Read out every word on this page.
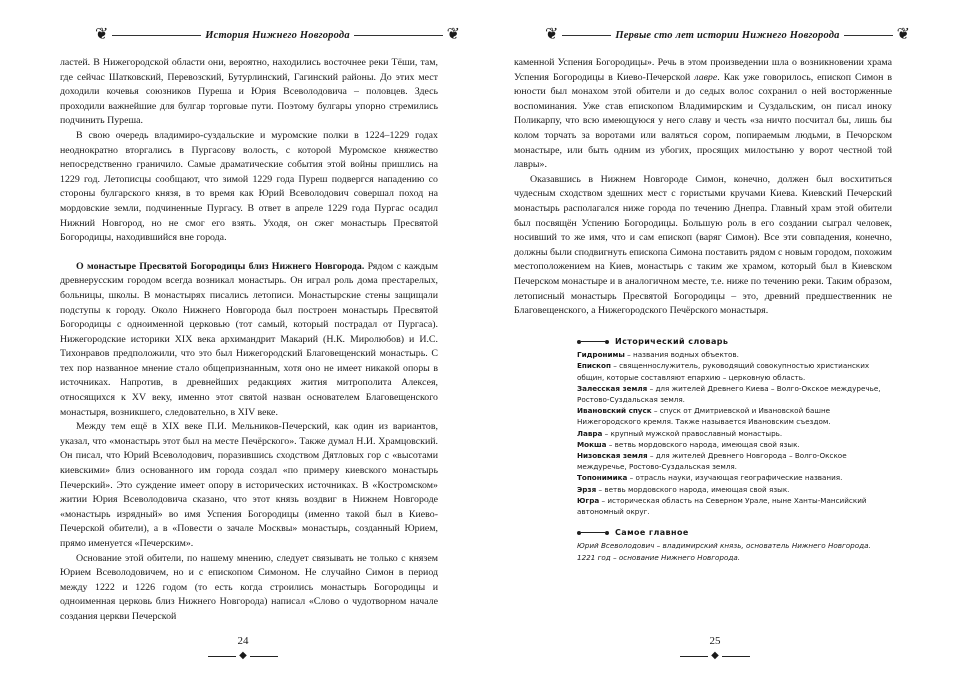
❦	История Нижнего Новгорода	❦

ластей. В Нижегородской области они, вероятно, находились восточнее реки Тёши, там, где сейчас Шатковский, Перевозский, Бутурлинский, Гагинский районы. До этих мест доходили кочевья союзников Пуреша и Юрия Всеволодовича – половцев. Здесь проходили важнейшие для булгар торговые пути. Поэтому булгары упорно стремились подчинить Пуреша.

В свою очередь владимиро-суздальские и муромские полки в 1224–1229 годах неоднократно вторгались в Пургасову волость, с которой Муромское княжество непосредственно граничило. Самые драматические события этой войны пришлись на 1229 год. Летописцы сообщают, что зимой 1229 года Пуреш подвергся нападению со стороны булгарского князя, в то время как Юрий Всеволодович совершал поход на мордовские земли, подчиненные Пургасу. В ответ в апреле 1229 года Пургас осадил Нижний Новгород, но не смог его взять. Уходя, он сжег монастырь Пресвятой Богородицы, находившийся вне города.

О монастыре Пресвятой Богородицы близ Нижнего Новгорода. Рядом с каждым древнерусским городом всегда возникал монастырь. Он играл роль дома престарелых, больницы, школы. В монастырях писались летописи. Монастырские стены защищали подступы к городу. Около Нижнего Новгорода был построен монастырь Пресвятой Богородицы с одноименной церковью (тот самый, который пострадал от Пургаса). Нижегородские историки XIX века архимандрит Макарий (Н.К. Миролюбов) и И.С. Тихонравов предположили, что это был Нижегородский Благовещенский монастырь. С тех пор названное мнение стало общепризнанным, хотя оно не имеет никакой опоры в источниках. Напротив, в древнейших редакциях жития митрополита Алексея, относящихся к XV веку, именно этот святой назван основателем Благовещенского монастыря, возникшего, следовательно, в XIV веке.

Между тем ещё в XIX веке П.И. Мельников-Печерский, как один из вариантов, указал, что «монастырь этот был на месте Печёрского». Также думал Н.И. Храмцовский. Он писал, что Юрий Всеволодович, поразившись сходством Дятловых гор с «высотами киевскими» близ основанного им города создал «по примеру киевского монастырь Печерский». Это суждение имеет опору в исторических источниках. В «Костромском» житии Юрия Всеволодовича сказано, что этот князь воздвиг в Нижнем Новгороде «монастырь изрядный» во имя Успения Богородицы (именно такой был в Киево-Печерской обители), а в «Повести о зачале Москвы» монастырь, созданный Юрием, прямо именуется «Печерским».

Основание этой обители, по нашему мнению, следует связывать не только с князем Юрием Всеволодовичем, но и с епископом Симоном. Не случайно Симон в период между 1222 и 1226 годом (то есть когда строились монастырь Богородицы и одноименная церковь близ Нижнего Новгорода) написал «Слово о чудотворном начале создания церкви Печерской

24
◆
❦	Первые сто лет истории Нижнего Новгорода	❦

каменной Успения Богородицы». Речь в этом произведении шла о возникновении храма Успения Богородицы в Киево-Печерской лавре. Как уже говорилось, епископ Симон в юности был монахом этой обители и до седых волос сохранил о ней восторженные воспоминания. Уже став епископом Владимирским и Суздальским, он писал иноку Поликарпу, что всю имеющуюся у него славу и честь «за ничто посчитал бы, лишь бы колом торчать за воротами или валяться сором, попираемым людьми, в Печорском монастыре, или быть одним из убогих, просящих милостыню у ворот честной той лавры».

Оказавшись в Нижнем Новгороде Симон, конечно, должен был восхититься чудесным сходством здешних мест с гористыми кручами Киева. Киевский Печерский монастырь располагался ниже города по течению Днепра. Главный храм этой обители был посвящён Успению Богородицы. Большую роль в его создании сыграл человек, носивший то же имя, что и сам епископ (варяг Симон). Все эти совпадения, конечно, должны были сподвигнуть епископа Симона поставить рядом с новым городом, похожим местоположением на Киев, монастырь с таким же храмом, который был в Киевском Печерском монастыре и в аналогичном месте, т.е. ниже по течению реки. Таким образом, летописный монастырь Пресвятой Богородицы – это, древний предшественник не Благовещенского, а Нижегородского Печёрского монастыря.

Исторический словарь

Гидронимы – названия водных объектов.

Епископ – священнослужитель, руководящий совокупностью христианских общин, которые составляют епархию – церковную область.

Залесская земля – для жителей Древнего Киева – Волго-Окское междуречье, Ростово-Суздальская земля.

Ивановский спуск – спуск от Дмитриевской и Ивановской башне Нижегородского кремля. Также называется Ивановским съездом.

Лавра – крупный мужской православный монастырь.

Мокша – ветвь мордовского народа, имеющая свой язык.

Низовская земля – для жителей Древнего Новгорода – Волго-Окское междуречье, Ростово-Суздальская земля.

Топонимика – отрасль науки, изучающая географические названия.

Эрзя – ветвь мордовского народа, имеющая свой язык.

Югра – историческая область на Северном Урале, ныне Ханты-Мансийский автономный округ.

Самое главное

Юрий Всеволодович – владимирский князь, основатель Нижнего Новгорода.

1221 год – основание Нижнего Новгорода.

25
◆
